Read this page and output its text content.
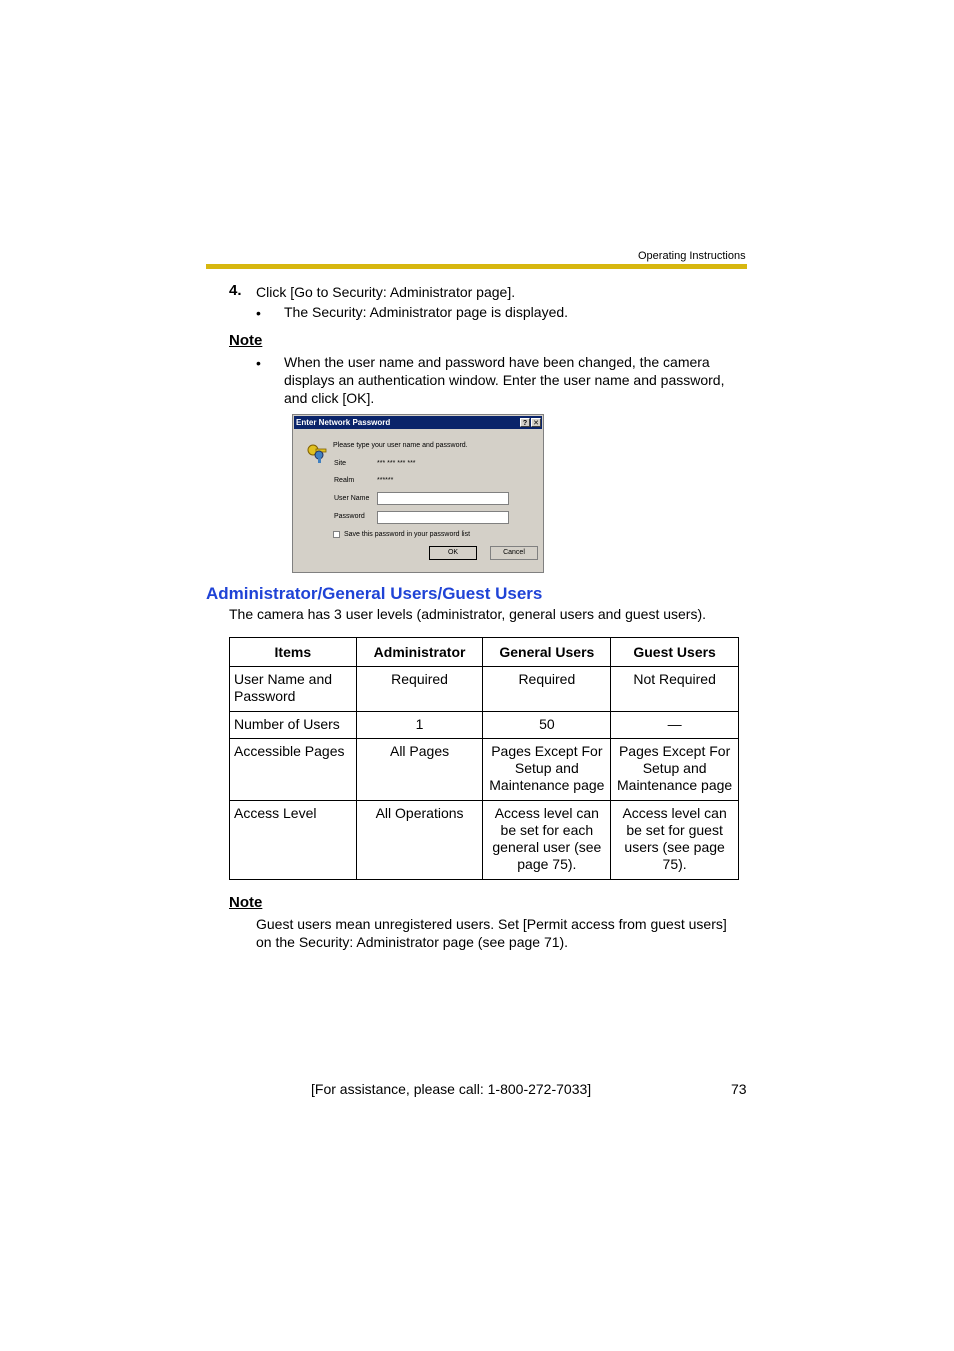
Operating Instructions
4. Click [Go to Security: Administrator page].
• The Security: Administrator page is displayed.
Note
• When the user name and password have been changed, the camera displays an authentication window. Enter the user name and password, and click [OK].
Enter Network Password	? ✕
Please type your user name and password.
Site	*** *** *** ***
Realm	******
User Name
Password
Save this password in your password list
OK	Cancel
Administrator/General Users/Guest Users
The camera has 3 user levels (administrator, general users and guest users).
Items	Administrator	General Users	Guest Users
User Name and Password	Required	Required	Not Required
Number of Users	1	50	—
Accessible Pages	All Pages	Pages Except For Setup and Maintenance page	Pages Except For Setup and Maintenance page
Access Level	All Operations	Access level can be set for each general user (see page 75).	Access level can be set for guest users (see page 75).
Note
Guest users mean unregistered users. Set [Permit access from guest users] on the Security: Administrator page (see page 71).
[For assistance, please call: 1-800-272-7033]	73
